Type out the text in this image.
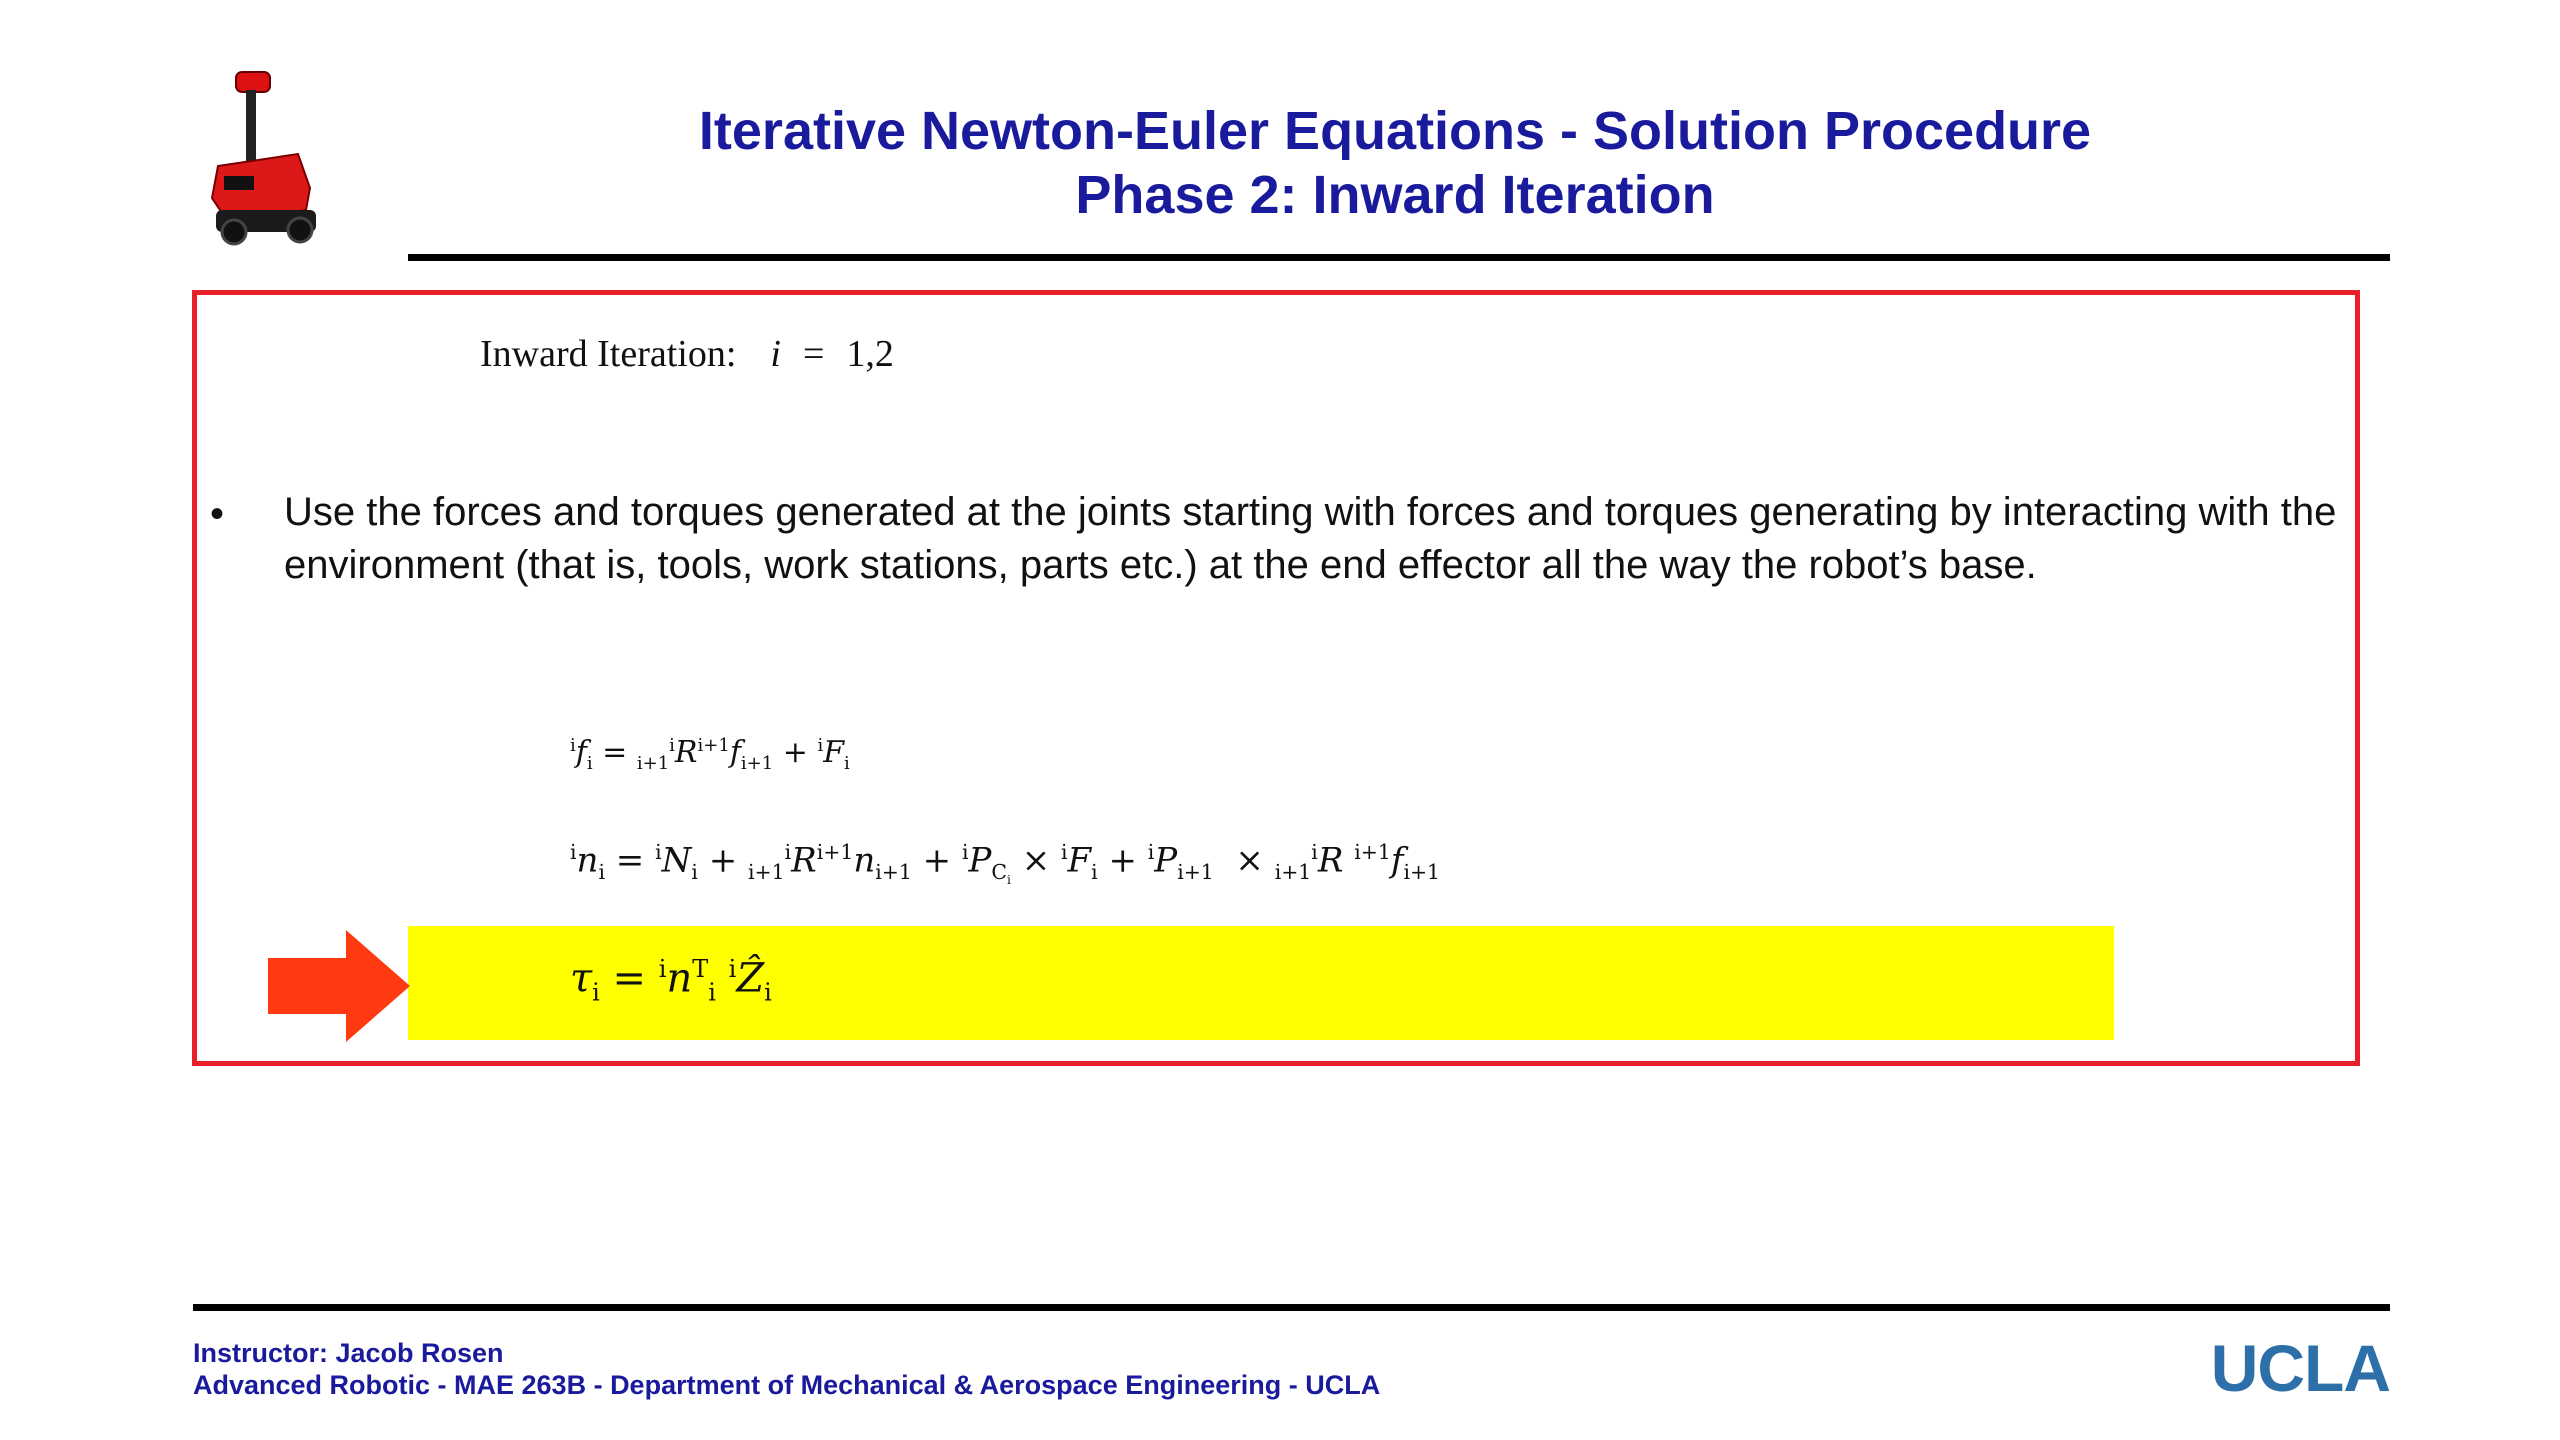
Iterative Newton-Euler Equations - Solution Procedure
Phase 2: Inward Iteration
Inward Iteration: i = 1,2
• Use the forces and torques generated at the joints starting with forces and torques generating by interacting with the environment (that is, tools, work stations, parts etc.) at the end effector all the way the robot’s base.
$^if_i = _{i+1}^iR^{i+1}f_{i+1} + ^iF_i$
$^in_i = ^iN_i + _{i+1}^iR^{i+1}n_{i+1} + ^iP_{C_i} \times ^iF_i + ^iP_{i+1} \times _{i+1}^iR$ $^{i+1}f_{i+1}$
$\tau_i = ^in^T_i$ $^i$Ẑ$_i$
Instructor: Jacob Rosen
Advanced Robotic - MAE 263B - Department of Mechanical & Aerospace Engineering - UCLA	UCLA
